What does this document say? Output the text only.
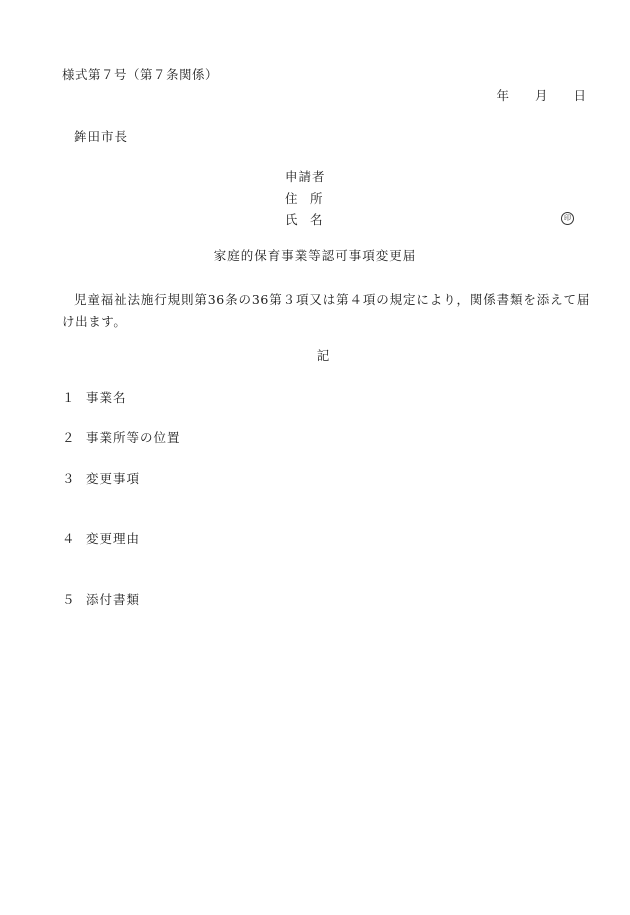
様式第７号（第７条関係）
年 月 日
鉾田市長
申請者
住　所
氏　名	印
家庭的保育事業等認可事項変更届
児童福祉法施行規則第36条の36第３項又は第４項の規定により，関係書類を添えて届け出ます。
記
１ 事業名
２ 事業所等の位置
３ 変更事項
４ 変更理由
５ 添付書類
